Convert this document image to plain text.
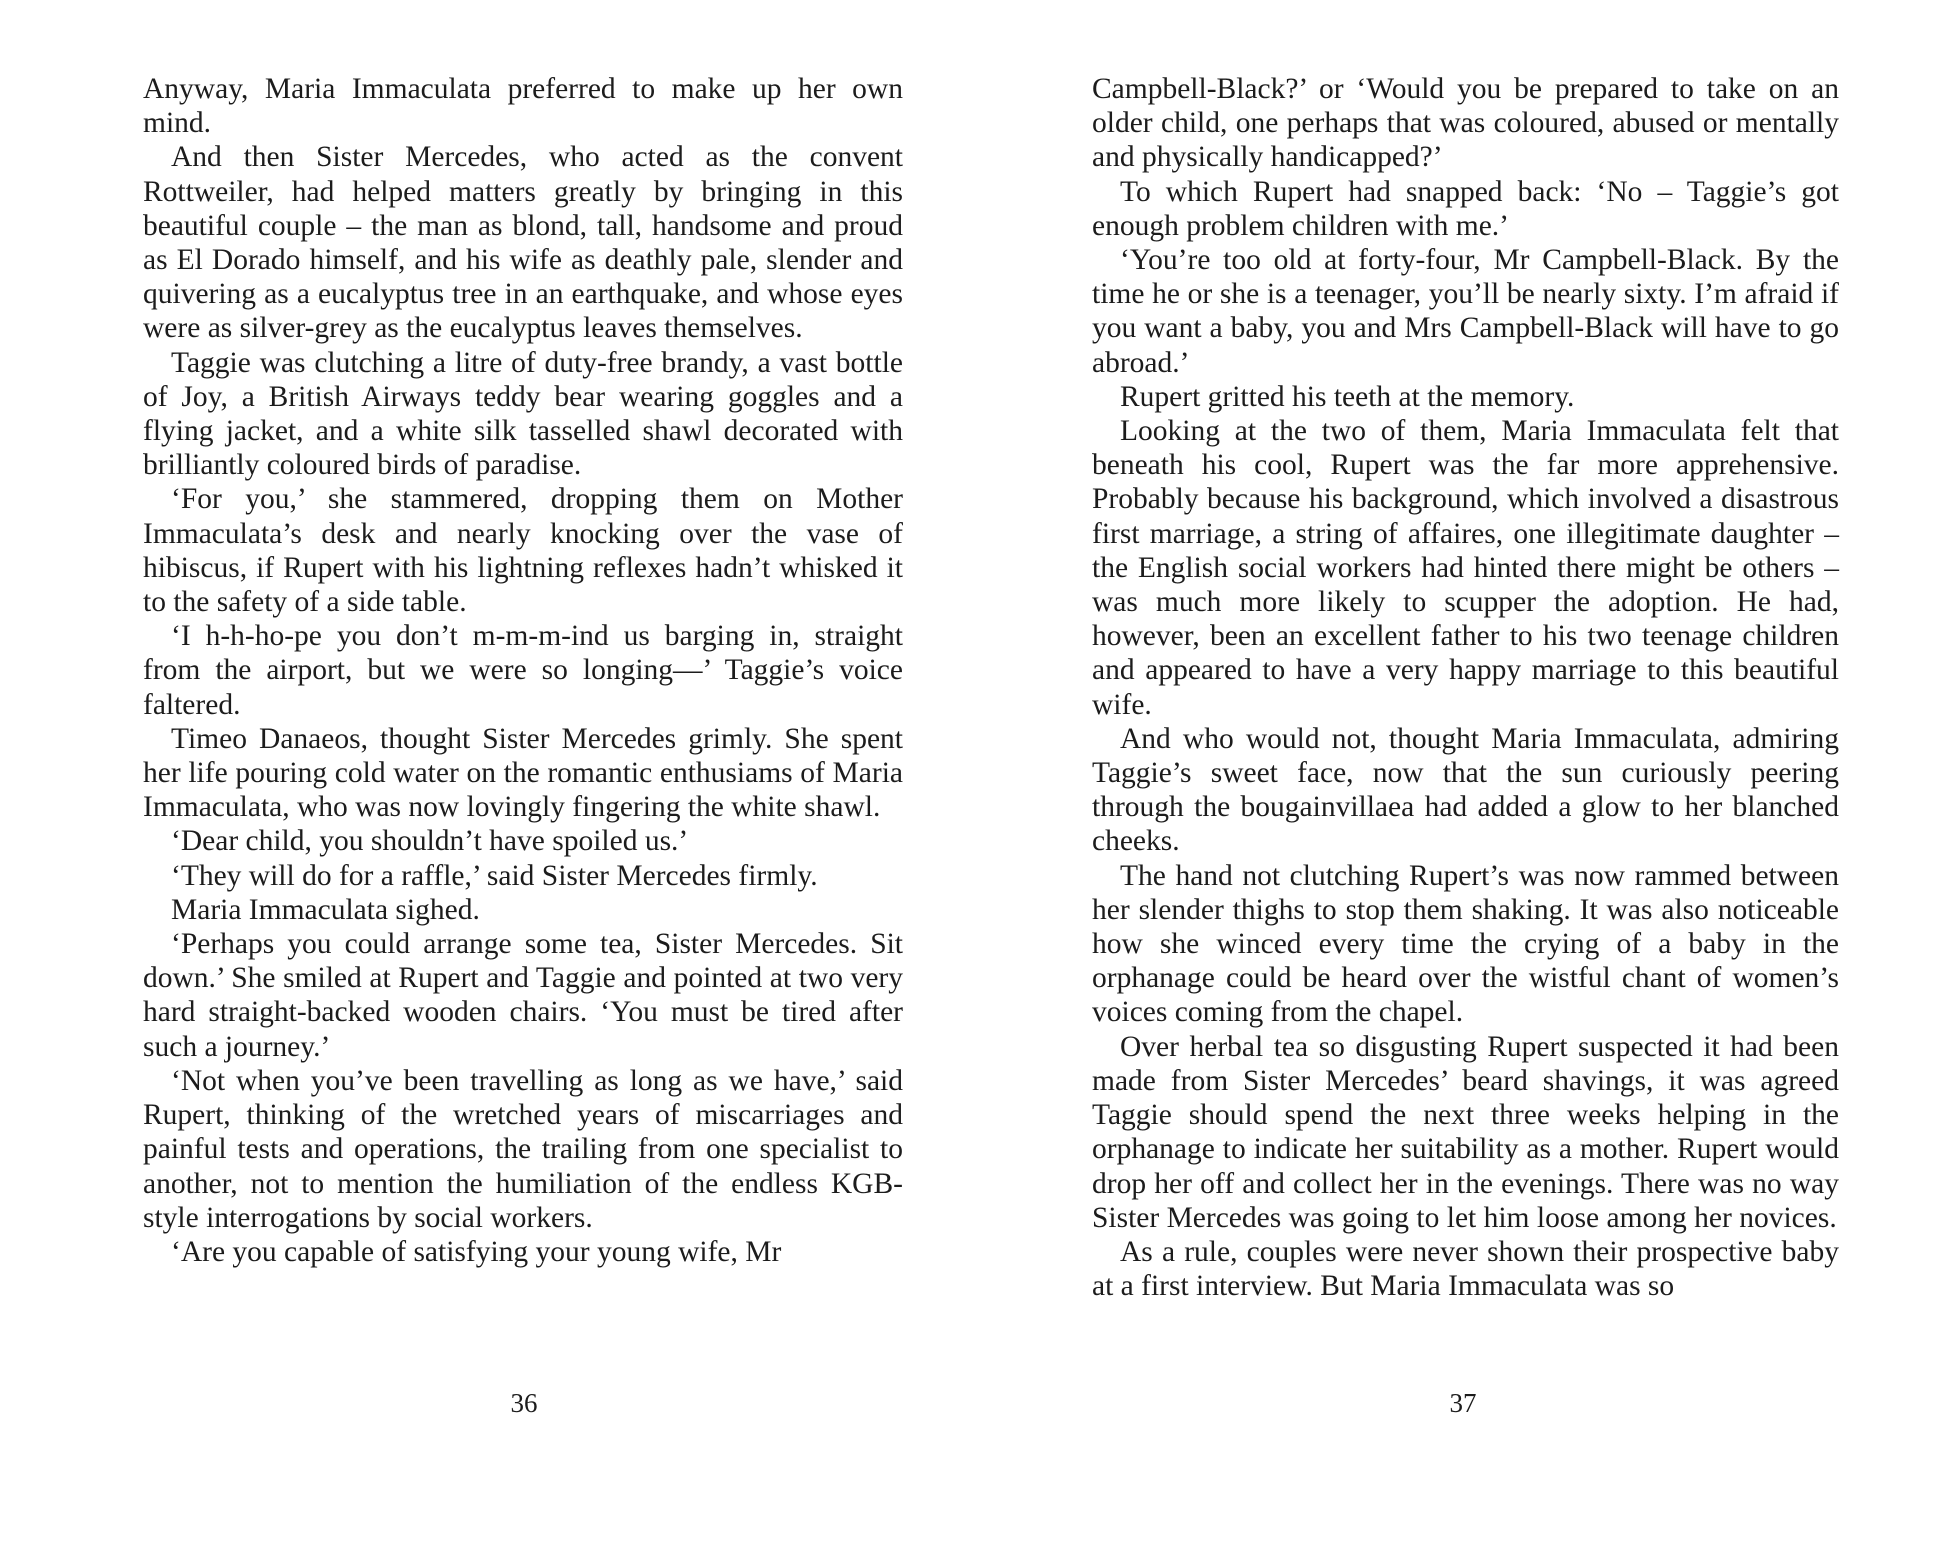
Anyway, Maria Immaculata preferred to make up her own mind.

And then Sister Mercedes, who acted as the convent Rottweiler, had helped matters greatly by bringing in this beautiful couple – the man as blond, tall, handsome and proud as El Dorado himself, and his wife as deathly pale, slender and quivering as a eucalyptus tree in an earthquake, and whose eyes were as silver-grey as the eucalyptus leaves themselves.

Taggie was clutching a litre of duty-free brandy, a vast bottle of Joy, a British Airways teddy bear wearing goggles and a flying jacket, and a white silk tasselled shawl decorated with brilliantly coloured birds of paradise.

‘For you,’ she stammered, dropping them on Mother Immaculata’s desk and nearly knocking over the vase of hibiscus, if Rupert with his lightning reflexes hadn’t whisked it to the safety of a side table.

‘I h-h-ho-pe you don’t m-m-m-ind us barging in, straight from the airport, but we were so longing—’ Taggie’s voice faltered.

Timeo Danaeos, thought Sister Mercedes grimly. She spent her life pouring cold water on the romantic enthusiams of Maria Immaculata, who was now lovingly fingering the white shawl.

‘Dear child, you shouldn’t have spoiled us.’

‘They will do for a raffle,’ said Sister Mercedes firmly.

Maria Immaculata sighed.

‘Perhaps you could arrange some tea, Sister Mercedes. Sit down.’ She smiled at Rupert and Taggie and pointed at two very hard straight-backed wooden chairs. ‘You must be tired after such a journey.’

‘Not when you’ve been travelling as long as we have,’ said Rupert, thinking of the wretched years of miscarriages and painful tests and operations, the trailing from one specialist to another, not to mention the humiliation of the endless KGB-style interrogations by social workers.

‘Are you capable of satisfying your young wife, Mr

36

Campbell-Black?’ or ‘Would you be prepared to take on an older child, one perhaps that was coloured, abused or mentally and physically handicapped?’

To which Rupert had snapped back: ‘No – Taggie’s got enough problem children with me.’

‘You’re too old at forty-four, Mr Campbell-Black. By the time he or she is a teenager, you’ll be nearly sixty. I’m afraid if you want a baby, you and Mrs Campbell-Black will have to go abroad.’

Rupert gritted his teeth at the memory.

Looking at the two of them, Maria Immaculata felt that beneath his cool, Rupert was the far more apprehensive. Probably because his background, which involved a disastrous first marriage, a string of affaires, one illegitimate daughter – the English social workers had hinted there might be others – was much more likely to scupper the adoption. He had, however, been an excellent father to his two teenage children and appeared to have a very happy marriage to this beautiful wife.

And who would not, thought Maria Immaculata, admiring Taggie’s sweet face, now that the sun curiously peering through the bougainvillaea had added a glow to her blanched cheeks.

The hand not clutching Rupert’s was now rammed between her slender thighs to stop them shaking. It was also noticeable how she winced every time the crying of a baby in the orphanage could be heard over the wistful chant of women’s voices coming from the chapel.

Over herbal tea so disgusting Rupert suspected it had been made from Sister Mercedes’ beard shavings, it was agreed Taggie should spend the next three weeks helping in the orphanage to indicate her suitability as a mother. Rupert would drop her off and collect her in the evenings. There was no way Sister Mercedes was going to let him loose among her novices.

As a rule, couples were never shown their prospective baby at a first interview. But Maria Immaculata was so

37
